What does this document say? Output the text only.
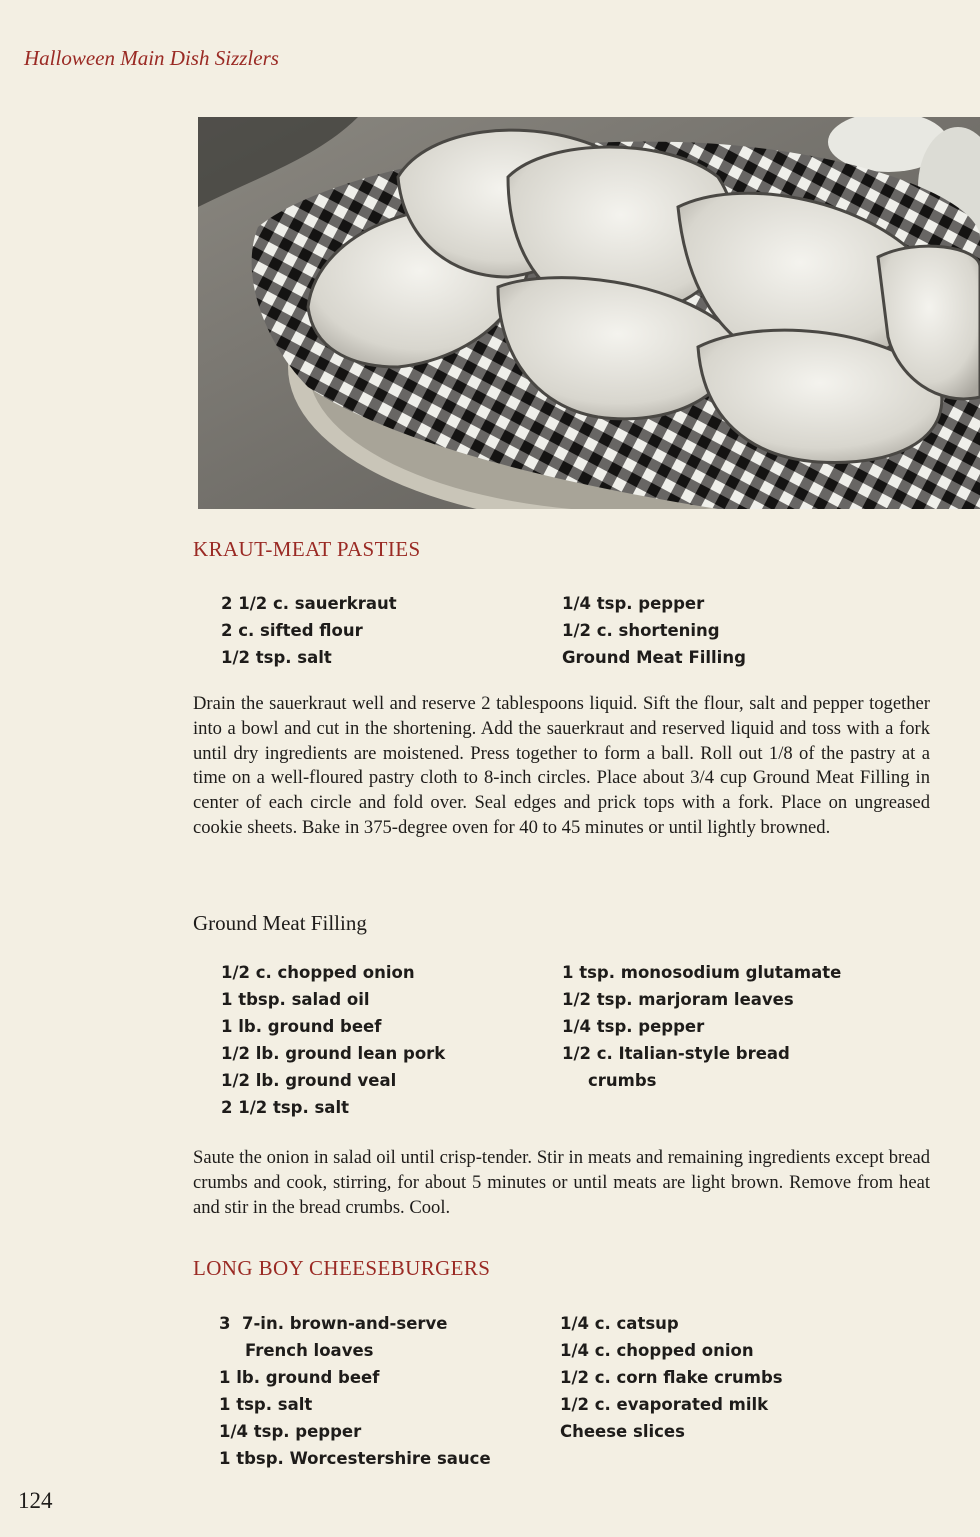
Halloween Main Dish Sizzlers
KRAUT-MEAT PASTIES
2 1/2 c. sauerkraut
2 c. sifted flour
1/2 tsp. salt
1/4 tsp. pepper
1/2 c. shortening
Ground Meat Filling

Drain the sauerkraut well and reserve 2 tablespoons liquid. Sift the flour, salt and pepper together into a bowl and cut in the shortening. Add the sauerkraut and reserved liquid and toss with a fork until dry ingredients are moistened. Press together to form a ball. Roll out 1/8 of the pastry at a time on a well-floured pastry cloth to 8-inch circles. Place about 3/4 cup Ground Meat Filling in center of each circle and fold over. Seal edges and prick tops with a fork. Place on ungreased cookie sheets. Bake in 375-degree oven for 40 to 45 minutes or until lightly browned.

Ground Meat Filling
1/2 c. chopped onion
1 tbsp. salad oil
1 lb. ground beef
1/2 lb. ground lean pork
1/2 lb. ground veal
2 1/2 tsp. salt
1 tsp. monosodium glutamate
1/2 tsp. marjoram leaves
1/4 tsp. pepper
1/2 c. Italian-style bread
crumbs

Saute the onion in salad oil until crisp-tender. Stir in meats and remaining ingredients except bread crumbs and cook, stirring, for about 5 minutes or until meats are light brown. Remove from heat and stir in the bread crumbs. Cool.

LONG BOY CHEESEBURGERS
3  7-in. brown-and-serve
French loaves
1 lb. ground beef
1 tsp. salt
1/4 tsp. pepper
1 tbsp. Worcestershire sauce
1/4 c. catsup
1/4 c. chopped onion
1/2 c. corn flake crumbs
1/2 c. evaporated milk
Cheese slices
124
